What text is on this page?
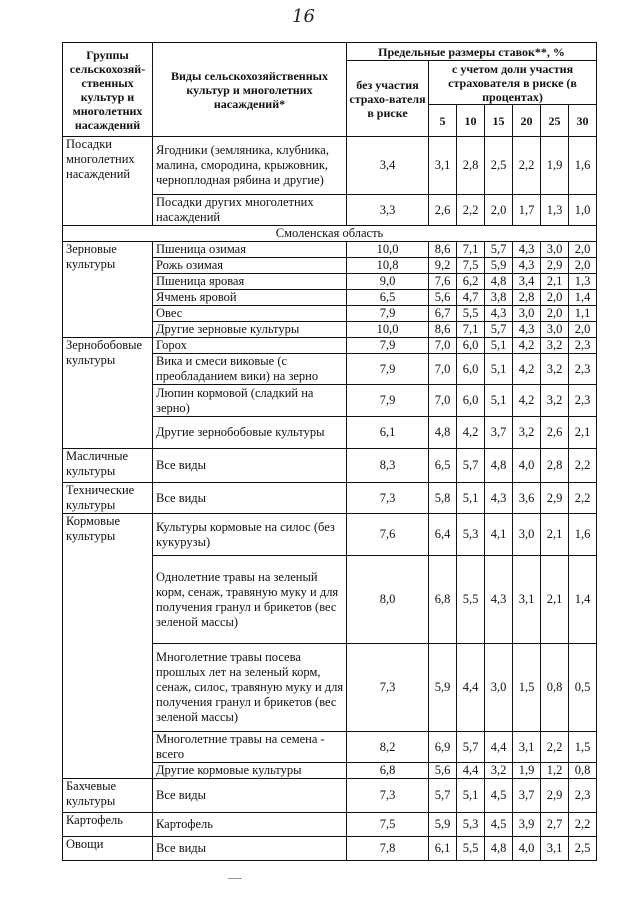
16
Группы сельскохозяй-ственных культур и многолетних насаждений	Виды сельскохозяйственных культур и многолетних насаждений*	Предельные размеры ставок**, %						
		без участия страхо-вателя в риске	с учетом доли участия страхователя в риске (в процентах)					
			5	10	15	20	25	30
Посадки многолетних насаждений	Ягодники (земляника, клубника, малина, смородина, крыжовник, черноплодная рябина и другие)	3,4	3,1	2,8	2,5	2,2	1,9	1,6
	Посадки других многолетних насаждений	3,3	2,6	2,2	2,0	1,7	1,3	1,0
Смоленская область								
Зерновые культуры	Пшеница озимая	10,0	8,6	7,1	5,7	4,3	3,0	2,0
	Рожь озимая	10,8	9,2	7,5	5,9	4,3	2,9	2,0
	Пшеница яровая	9,0	7,6	6,2	4,8	3,4	2,1	1,3
	Ячмень яровой	6,5	5,6	4,7	3,8	2,8	2,0	1,4
	Овес	7,9	6,7	5,5	4,3	3,0	2,0	1,1
	Другие зерновые культуры	10,0	8,6	7,1	5,7	4,3	3,0	2,0
Зернобобовые культуры	Горох	7,9	7,0	6,0	5,1	4,2	3,2	2,3
	Вика и смеси виковые (с преобладанием вики) на зерно	7,9	7,0	6,0	5,1	4,2	3,2	2,3
	Люпин кормовой (сладкий на зерно)	7,9	7,0	6,0	5,1	4,2	3,2	2,3
	Другие зернобобовые культуры	6,1	4,8	4,2	3,7	3,2	2,6	2,1
Масличные культуры	Все виды	8,3	6,5	5,7	4,8	4,0	2,8	2,2
Технические культуры	Все виды	7,3	5,8	5,1	4,3	3,6	2,9	2,2
Кормовые культуры	Культуры кормовые на силос (без кукурузы)	7,6	6,4	5,3	4,1	3,0	2,1	1,6
	Однолетние травы на зеленый корм, сенаж, травяную муку и для получения гранул и брикетов (вес зеленой массы)	8,0	6,8	5,5	4,3	3,1	2,1	1,4
	Многолетние травы посева прошлых лет на зеленый корм, сенаж, силос, травяную муку и для получения гранул и брикетов (вес зеленой массы)	7,3	5,9	4,4	3,0	1,5	0,8	0,5
	Многолетние травы на семена - всего	8,2	6,9	5,7	4,4	3,1	2,2	1,5
	Другие кормовые культуры	6,8	5,6	4,4	3,2	1,9	1,2	0,8
Бахчевые культуры	Все виды	7,3	5,7	5,1	4,5	3,7	2,9	2,3
Картофель	Картофель	7,5	5,9	5,3	4,5	3,9	2,7	2,2
Овощи	Все виды	7,8	6,1	5,5	4,8	4,0	3,1	2,5
